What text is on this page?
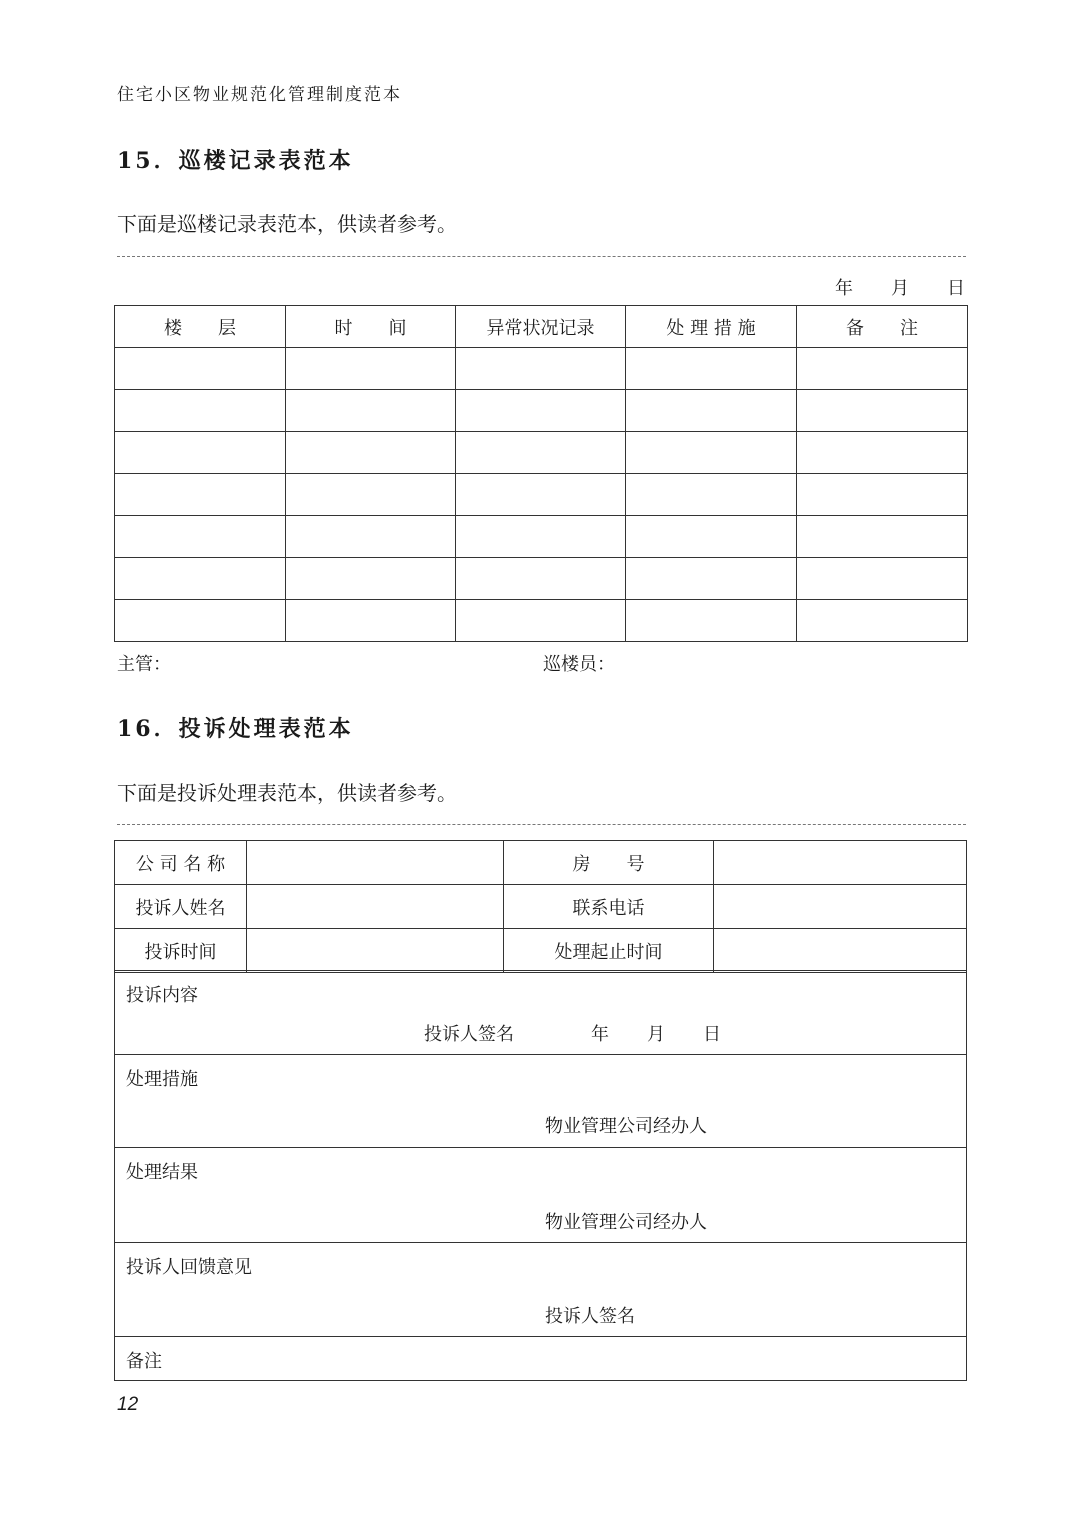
住宅小区物业规范化管理制度范本
15．巡楼记录表范本
下面是巡楼记录表范本，供读者参考。
年 月 日
楼　　层	时　　间	异常状况记录	处 理 措 施	备　　注

主管：	巡楼员：
16．投诉处理表范本
下面是投诉处理表范本，供读者参考。
公 司 名 称		房　　号	
投诉人姓名		联系电话	
投诉时间		处理起止时间	
投诉内容
投诉人签名	年 月 日

处理措施
物业管理公司经办人

处理结果
物业管理公司经办人

投诉人回馈意见
投诉人签名

备注
12
